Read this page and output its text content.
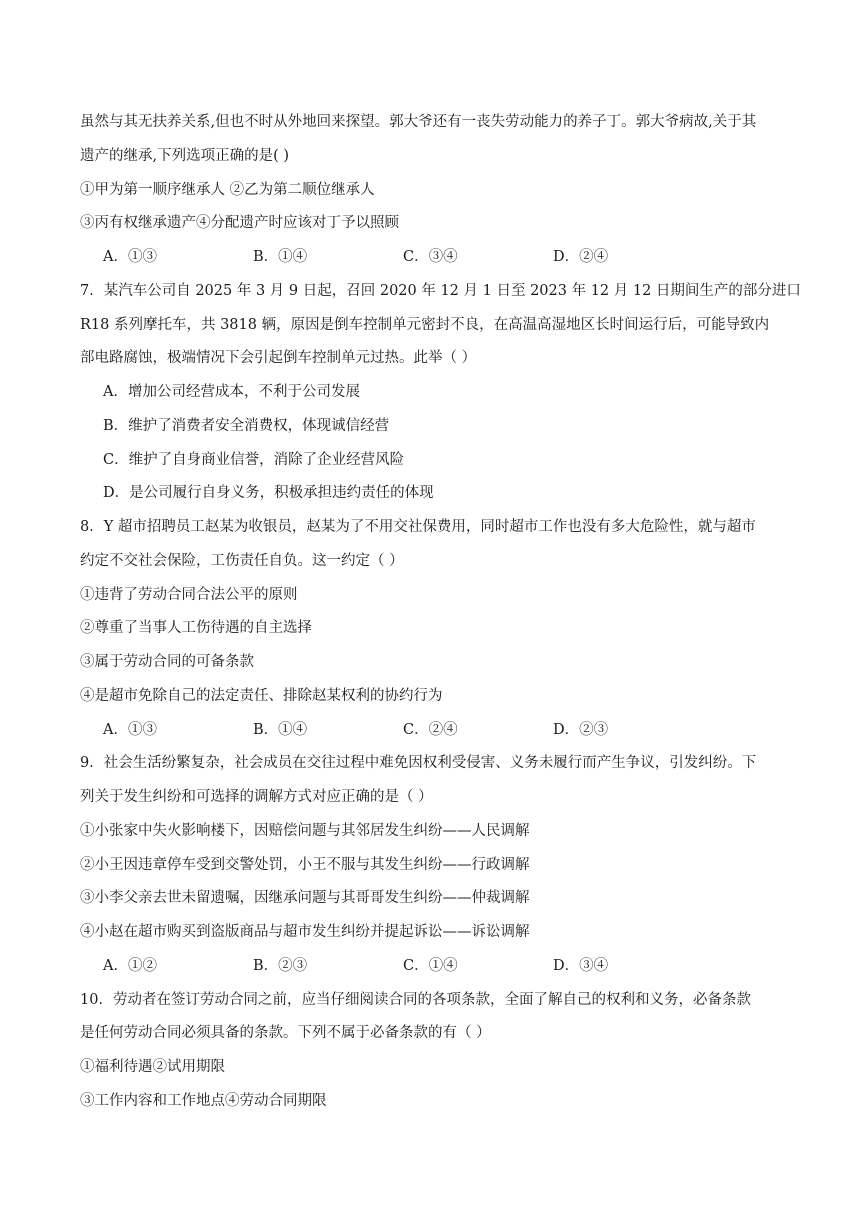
虽然与其无扶养关系,但也不时从外地回来探望。郭大爷还有一丧失劳动能力的养子丁。郭大爷病故,关于其
遗产的继承,下列选项正确的是( )
①甲为第一顺序继承人 ②乙为第二顺位继承人
③丙有权继承遗产④分配遗产时应该对丁予以照顾
A．①③	B．①④	C．③④	D．②④
7．某汽车公司自 2025 年 3 月 9 日起，召回 2020 年 12 月 1 日至 2023 年 12 月 12 日期间生产的部分进口
R18 系列摩托车，共 3818 辆，原因是倒车控制单元密封不良，在高温高湿地区长时间运行后，可能导致内
部电路腐蚀，极端情况下会引起倒车控制单元过热。此举（ ）
A．增加公司经营成本，不利于公司发展
B．维护了消费者安全消费权，体现诚信经营
C．维护了自身商业信誉，消除了企业经营风险
D．是公司履行自身义务，积极承担违约责任的体现
8．Y 超市招聘员工赵某为收银员，赵某为了不用交社保费用，同时超市工作也没有多大危险性，就与超市
约定不交社会保险，工伤责任自负。这一约定（ ）
①违背了劳动合同合法公平的原则
②尊重了当事人工伤待遇的自主选择
③属于劳动合同的可备条款
④是超市免除自己的法定责任、排除赵某权利的协约行为
A．①③	B．①④	C．②④	D．②③
9．社会生活纷繁复杂，社会成员在交往过程中难免因权利受侵害、义务未履行而产生争议，引发纠纷。下
列关于发生纠纷和可选择的调解方式对应正确的是（ ）
①小张家中失火影响楼下，因赔偿问题与其邻居发生纠纷——人民调解
②小王因违章停车受到交警处罚，小王不服与其发生纠纷——行政调解
③小李父亲去世未留遗嘱，因继承问题与其哥哥发生纠纷——仲裁调解
④小赵在超市购买到盗版商品与超市发生纠纷并提起诉讼——诉讼调解
A．①②	B．②③	C．①④	D．③④
10．劳动者在签订劳动合同之前，应当仔细阅读合同的各项条款，全面了解自己的权利和义务，必备条款
是任何劳动合同必须具备的条款。下列不属于必备条款的有（ ）
①福利待遇②试用期限
③工作内容和工作地点④劳动合同期限
